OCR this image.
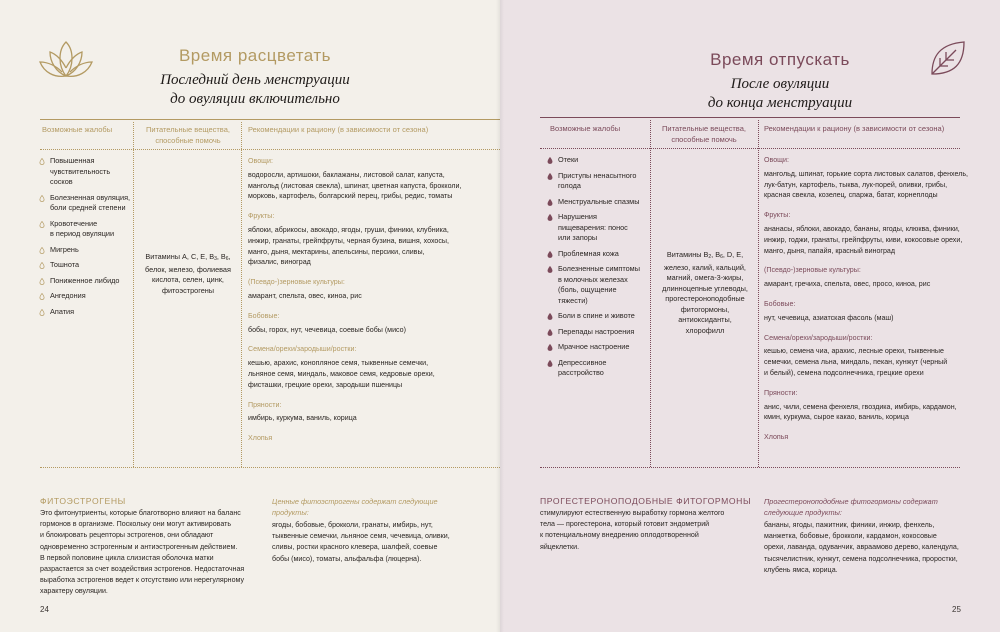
Время расцветать
Последний день менструации
до овуляции включительно
Возможные жалобы	Питательные вещества,
способные помочь
Рекомендации к рациону (в зависимости от сезона)
Повышенная
чувствительность
сосков
Болезненная овуляция,
боли средней степени
Кровотечение
в период овуляции
Мигрень
Тошнота
Пониженное либидо
Ангедония
Апатия
Витамины A, C, E, $B_3$, $B_6$,
белок, железо, фолиевая
кислота, селен, цинк,
фитоэстрогены
Овощи:
водоросли, артишоки, баклажаны, листовой салат, капуста,
мангольд (листовая свекла), шпинат, цветная капуста, брокколи,
морковь, картофель, болгарский перец, грибы, редис, томаты
Фрукты:
яблоки, абрикосы, авокадо, ягоды, груши, финики, клубника,
инжир, гранаты, грейпфруты, черная бузина, вишня, хохосы,
манго, дыня, мектарины, апельсины, персики, сливы,
физалис, виноград
(Псевдо-)зерновые культуры:
амарант, спельта, овес, киноа, рис
Бобовые:
бобы, горох, нут, чечевица, соевые бобы (мисо)
Семена/орехи/зародыши/ростки:
кешью, арахис, конопляное семя, тыквенные семечки,
льняное семя, миндаль, маковое семя, кедровые орехи,
фисташки, грецкие орехи, зародыши пшеницы
Пряности:
имбирь, куркума, ваниль, корица
Хлопья
ФИТОЭСТРОГЕНЫ
Это фитонутриенты, которые благотворно влияют на баланс
гормонов в организме. Поскольку они могут активировать
и блокировать рецепторы эстрогенов, они обладают
одновременно эстрогенным и антиэстрогенным действием.
В первой половине цикла слизистая оболочка матки
разрастается за счет воздействия эстрогенов. Недостаточная
выработка эстрогенов ведет к отсутствию или нерегулярному
характеру овуляции.
Ценные фитоэстрогены содержат следующие
продукты:
ягоды, бобовые, брокколи, гранаты, имбирь, нут,
тыквенные семечки, льняное семя, чечевица, оливки,
сливы, ростки красного клевера, шалфей, соевые
бобы (мисо), томаты, альфальфа (люцерна).
24
Время отпускать
После овуляции
до конца менструации
Возможные жалобы	Питательные вещества,
способные помочь
Рекомендации к рациону (в зависимости от сезона)
Отеки
Приступы ненасытного
голода
Менструальные спазмы
Нарушения
пищеварения: понос
или запоры
Проблемная кожа
Болезненные симптомы
в молочных железах
(боль, ощущение
тяжести)
Боли в спине и животе
Перепады настроения
Мрачное настроение
Депрессивное
расстройство
Витамины $B_2$, $B_6$, D, E,
железо, калий, кальций,
магний, омега-3-жиры,
длинноцепные углеводы,
прогестероноподобные
фитогормоны, антиоксиданты,
хлорофилл
Овощи:
мангольд, шпинат, горькие сорта листовых салатов, фенхель,
лук-батун, картофель, тыква, лук-порей, оливки, грибы,
красная свекла, козелец, спаржа, батат, корнеплоды
Фрукты:
ананасы, яблоки, авокадо, бананы, ягоды, клюква, финики,
инжир, годжи, гранаты, грейпфруты, киви, кокосовые орехи,
манго, дыня, папайя, красный виноград
(Псевдо-)зерновые культуры:
амарант, гречиха, спельта, овес, просо, киноа, рис
Бобовые:
нут, чечевица, азиатская фасоль (маш)
Семена/орехи/зародыши/ростки:
кешью, семена чиа, арахис, лесные орехи, тыквенные
семечки, семена льна, миндаль, пекан, кунжут (черный
и белый), семена подсолнечника, грецкие орехи
Пряности:
анис, чили, семена фенхеля, гвоздика, имбирь, кардамон,
кмин, куркума, сырое какао, ваниль, корица
Хлопья
ПРОГЕСТЕРОНОПОДОБНЫЕ ФИТОГОРМОНЫ
стимулируют естественную выработку гормона желтого
тела — прогестерона, который готовит эндометрий
к потенциальному внедрению оплодотворенной
яйцеклетки.
Прогестероноподобные фитогормоны содержат
следующие продукты:
бананы, ягоды, пажитник, финики, инжир, фенхель,
манжетка, бобовые, брокколи, кардамон, кокосовые
орехи, лаванда, одуванчик, авраамово дерево, календула,
тысячелистник, кунжут, семена подсолнечника, проростки,
клубень ямса, корица.
25
